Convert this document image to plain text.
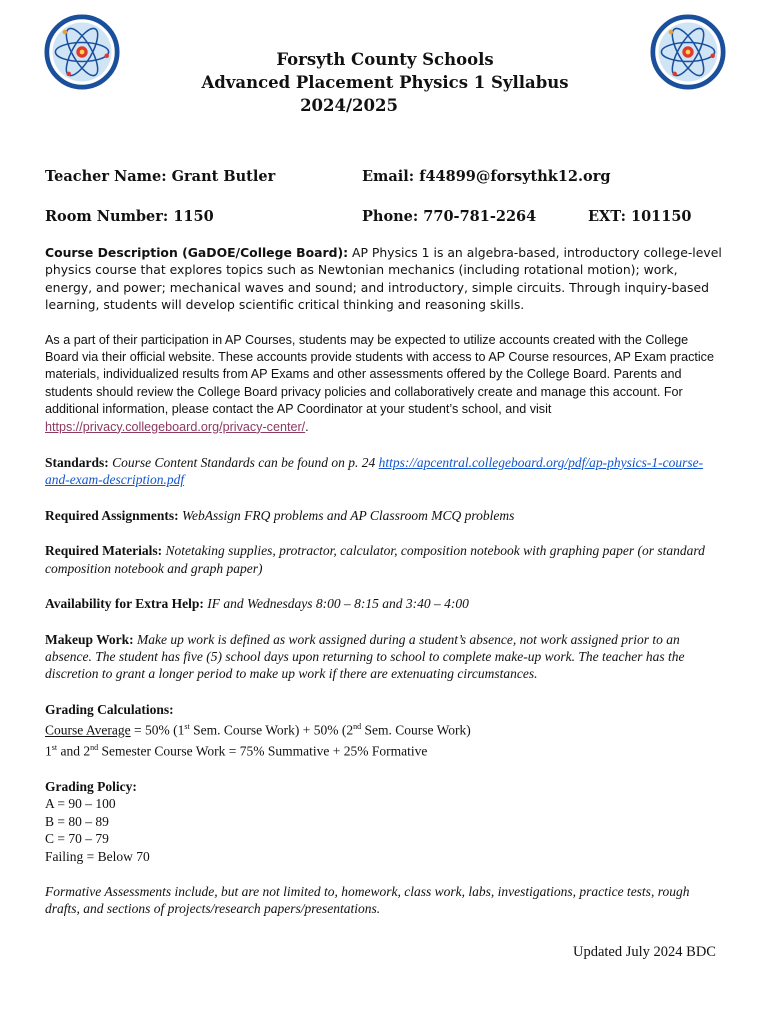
Forsyth County Schools
Advanced Placement Physics 1 Syllabus
2024/2025
Teacher Name: Grant Butler	Email: f44899@forsythk12.org
Room Number: 1150	Phone: 770-781-2264	EXT: 101150

Course Description (GaDOE/College Board): AP Physics 1 is an algebra-based, introductory college-level physics course that explores topics such as Newtonian mechanics (including rotational motion); work, energy, and power; mechanical waves and sound; and introductory, simple circuits. Through inquiry-based learning, students will develop scientific critical thinking and reasoning skills.

As a part of their participation in AP Courses, students may be expected to utilize accounts created with the College Board via their official website. These accounts provide students with access to AP Course resources, AP Exam practice materials, individualized results from AP Exams and other assessments offered by the College Board. Parents and students should review the College Board privacy policies and collaboratively create and manage this account. For additional information, please contact the AP Coordinator at your student’s school, and visit https://privacy.collegeboard.org/privacy-center/.

Standards: Course Content Standards can be found on p. 24 https://apcentral.collegeboard.org/pdf/ap-physics-1-course-and-exam-description.pdf

Required Assignments: WebAssign FRQ problems and AP Classroom MCQ problems

Required Materials: Notetaking supplies, protractor, calculator, composition notebook with graphing paper (or standard composition notebook and graph paper)

Availability for Extra Help: IF and Wednesdays 8:00 – 8:15 and 3:40 – 4:00

Makeup Work: Make up work is defined as work assigned during a student’s absence, not work assigned prior to an absence. The student has five (5) school days upon returning to school to complete make-up work. The teacher has the discretion to grant a longer period to make up work if there are extenuating circumstances.

Grading Calculations:
Course Average = 50% (1st Sem. Course Work) + 50% (2nd Sem. Course Work)
1st and 2nd Semester Course Work = 75% Summative + 25% Formative

Grading Policy:
A = 90 – 100
B = 80 – 89
C = 70 – 79
Failing = Below 70

Formative Assessments include, but are not limited to, homework, class work, labs, investigations, practice tests, rough drafts, and sections of projects/research papers/presentations.

Updated July 2024 BDC
